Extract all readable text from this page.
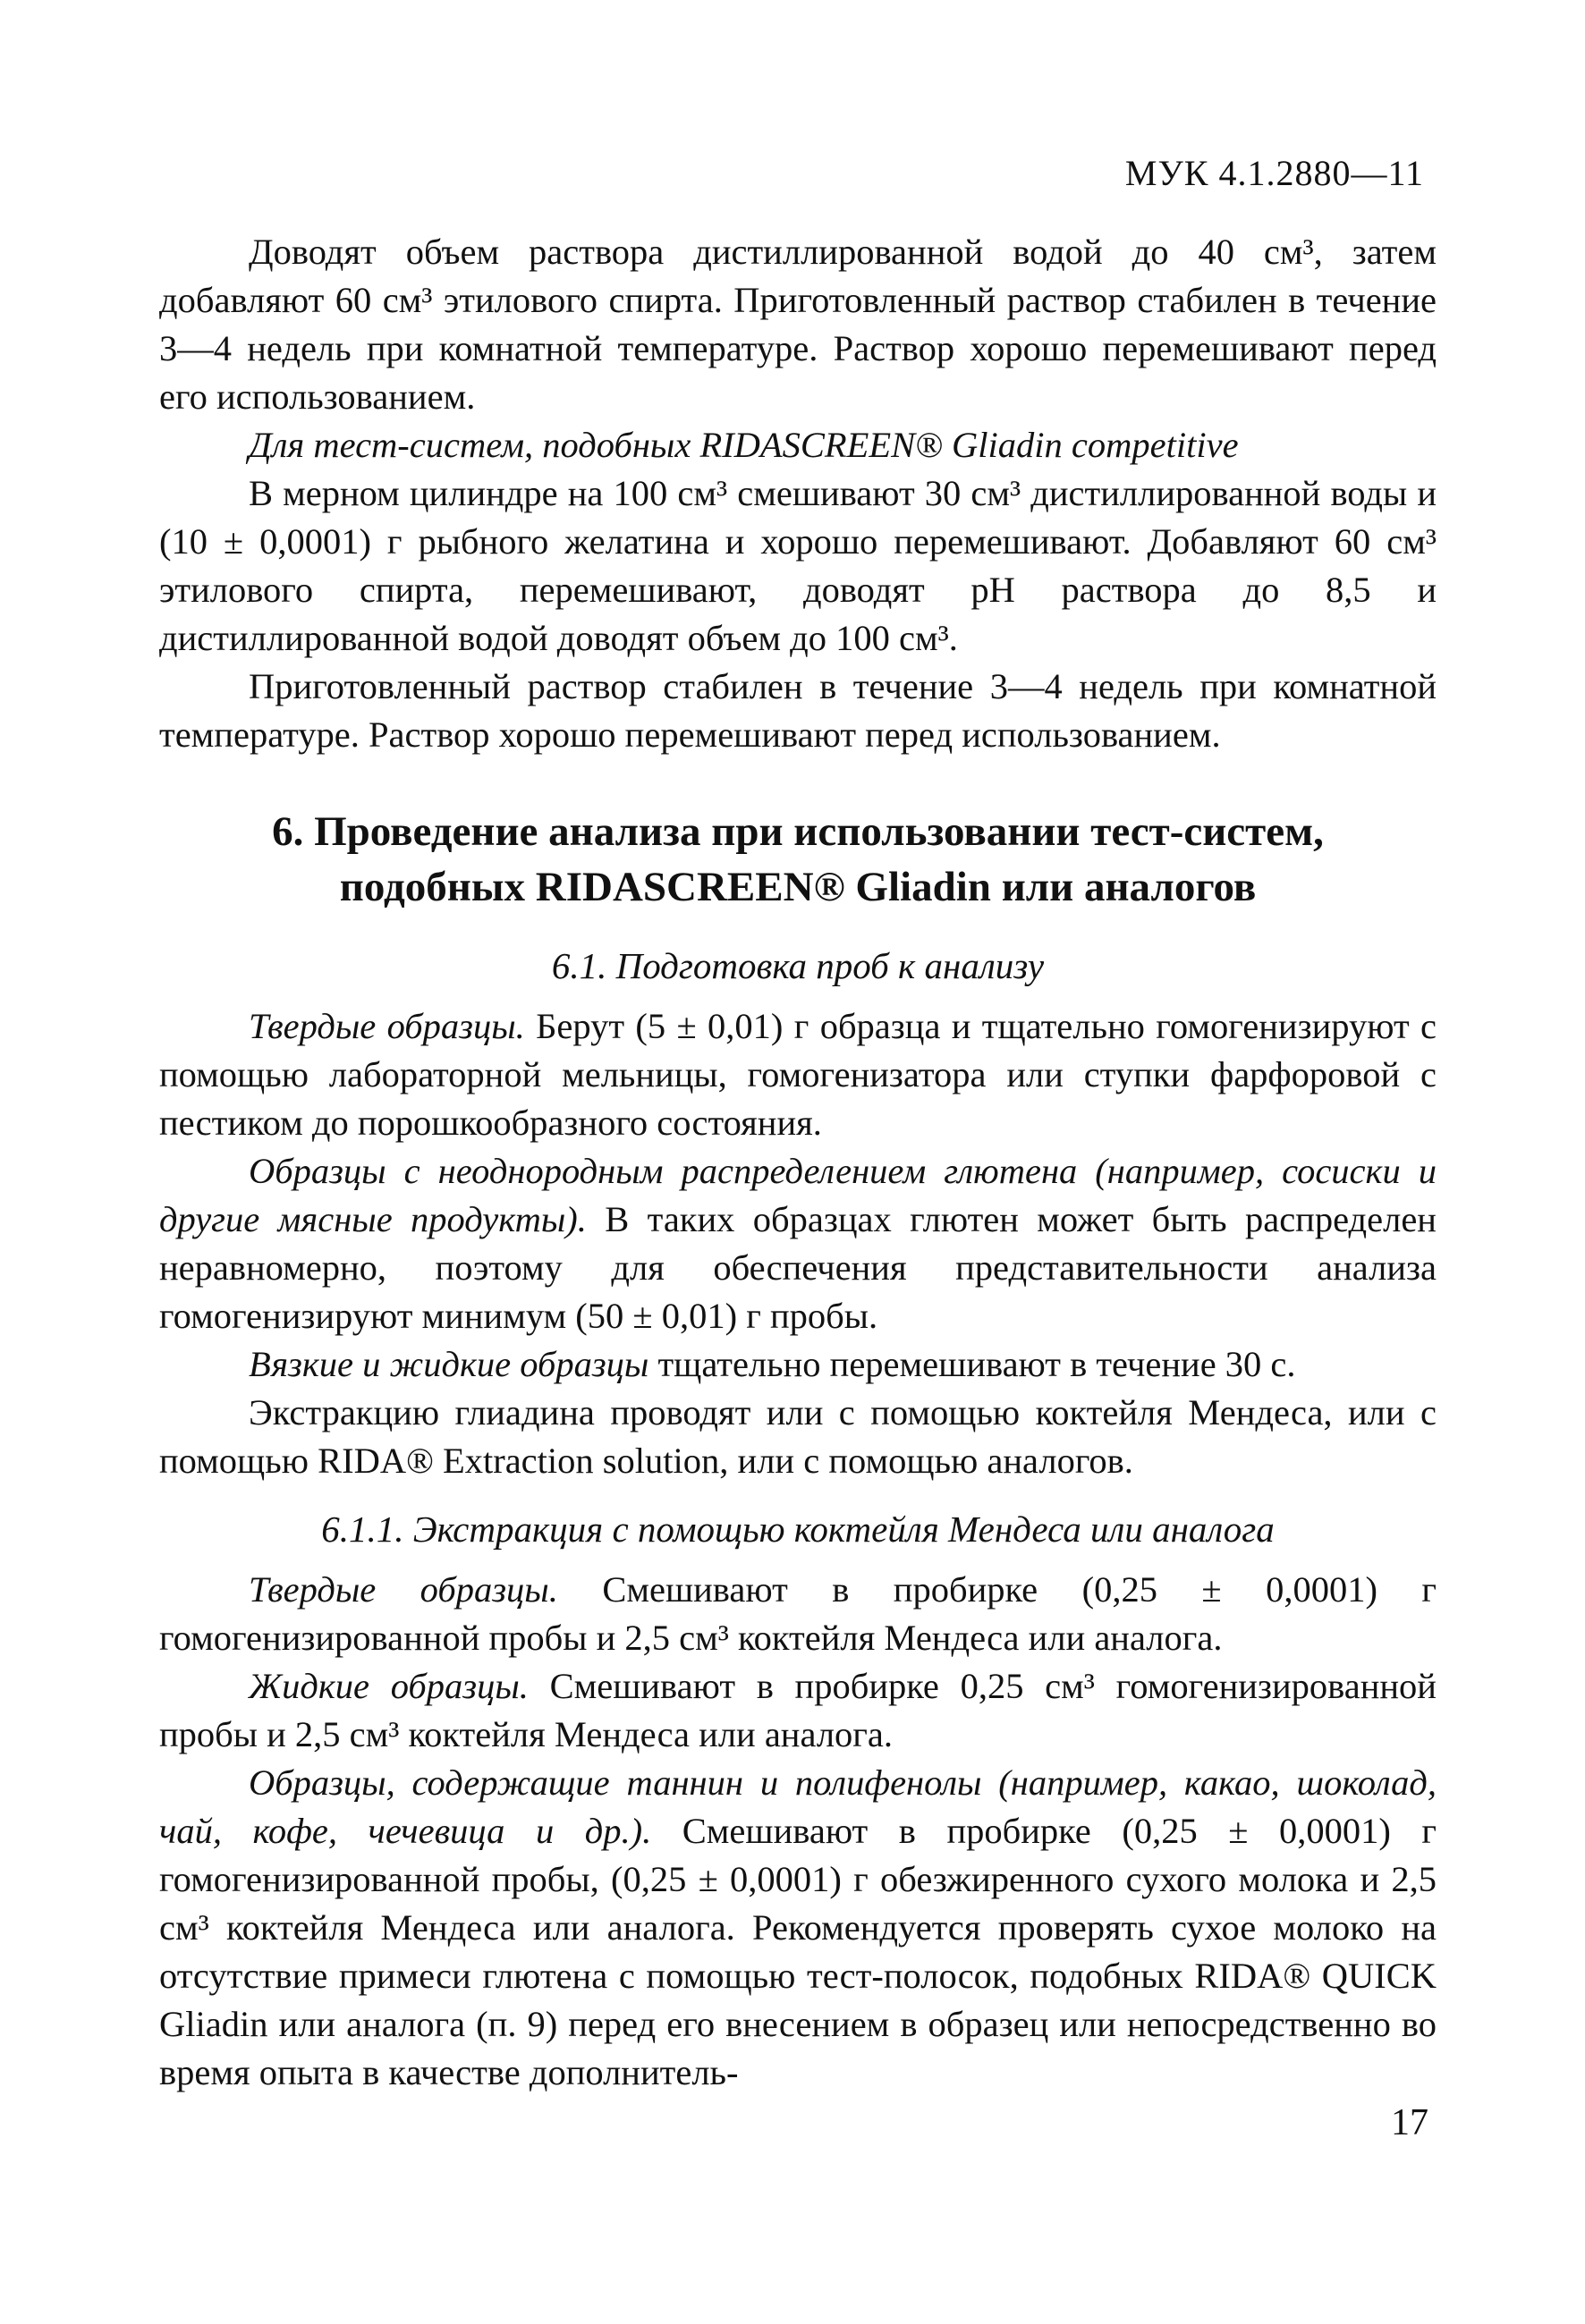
МУК 4.1.2880—11

Доводят объем раствора дистиллированной водой до 40 см³, затем добавляют 60 см³ этилового спирта. Приготовленный раствор стабилен в течение 3—4 недель при комнатной температуре. Раствор хорошо перемешивают перед его использованием.

Для тест-систем, подобных RIDASCREEN® Gliadin competitive

В мерном цилиндре на 100 см³ смешивают 30 см³ дистиллированной воды и (10 ± 0,0001) г рыбного желатина и хорошо перемешивают. Добавляют 60 см³ этилового спирта, перемешивают, доводят pH раствора до 8,5 и дистиллированной водой доводят объем до 100 см³.

Приготовленный раствор стабилен в течение 3—4 недель при комнатной температуре. Раствор хорошо перемешивают перед использованием.

6. Проведение анализа при использовании тест-систем,
подобных RIDASCREEN® Gliadin или аналогов

6.1. Подготовка проб к анализу

Твердые образцы. Берут (5 ± 0,01) г образца и тщательно гомогенизируют с помощью лабораторной мельницы, гомогенизатора или ступки фарфоровой с пестиком до порошкообразного состояния.

Образцы с неоднородным распределением глютена (например, сосиски и другие мясные продукты). В таких образцах глютен может быть распределен неравномерно, поэтому для обеспечения представительности анализа гомогенизируют минимум (50 ± 0,01) г пробы.

Вязкие и жидкие образцы тщательно перемешивают в течение 30 с.

Экстракцию глиадина проводят или с помощью коктейля Мендеса, или с помощью RIDA® Extraction solution, или с помощью аналогов.

6.1.1. Экстракция с помощью коктейля Мендеса или аналога

Твердые образцы. Смешивают в пробирке (0,25 ± 0,0001) г гомогенизированной пробы и 2,5 см³ коктейля Мендеса или аналога.

Жидкие образцы. Смешивают в пробирке 0,25 см³ гомогенизированной пробы и 2,5 см³ коктейля Мендеса или аналога.

Образцы, содержащие таннин и полифенолы (например, какао, шоколад, чай, кофе, чечевица и др.). Смешивают в пробирке (0,25 ± 0,0001) г гомогенизированной пробы, (0,25 ± 0,0001) г обезжиренного сухого молока и 2,5 см³ коктейля Мендеса или аналога. Рекомендуется проверять сухое молоко на отсутствие примеси глютена с помощью тест-полосок, подобных RIDA® QUICK Gliadin или аналога (п. 9) перед его внесением в образец или непосредственно во время опыта в качестве дополнитель-

17
